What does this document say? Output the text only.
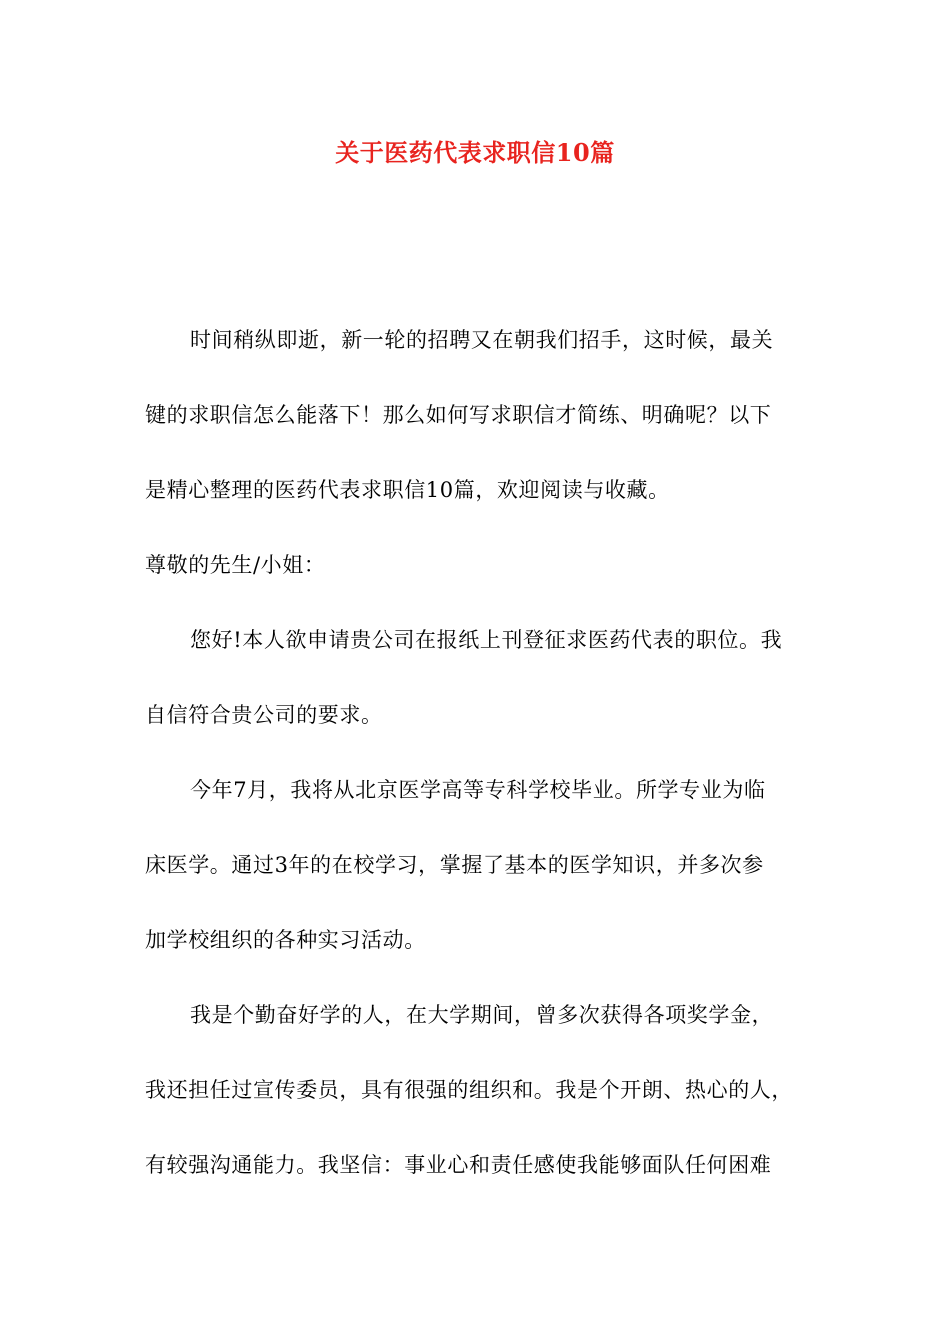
关于医药代表求职信10篇
时间稍纵即逝，新一轮的招聘又在朝我们招手，这时候，最关
键的求职信怎么能落下！那么如何写求职信才简练、明确呢？以下
是精心整理的医药代表求职信10篇，欢迎阅读与收藏。
尊敬的先生/小姐：
您好!本人欲申请贵公司在报纸上刊登征求医药代表的职位。我
自信符合贵公司的要求。
今年7月，我将从北京医学高等专科学校毕业。所学专业为临
床医学。通过3年的在校学习，掌握了基本的医学知识，并多次参
加学校组织的各种实习活动。
我是个勤奋好学的人，在大学期间，曾多次获得各项奖学金，
我还担任过宣传委员，具有很强的组织和。我是个开朗、热心的人，
有较强沟通能力。我坚信：事业心和责任感使我能够面队任何困难
